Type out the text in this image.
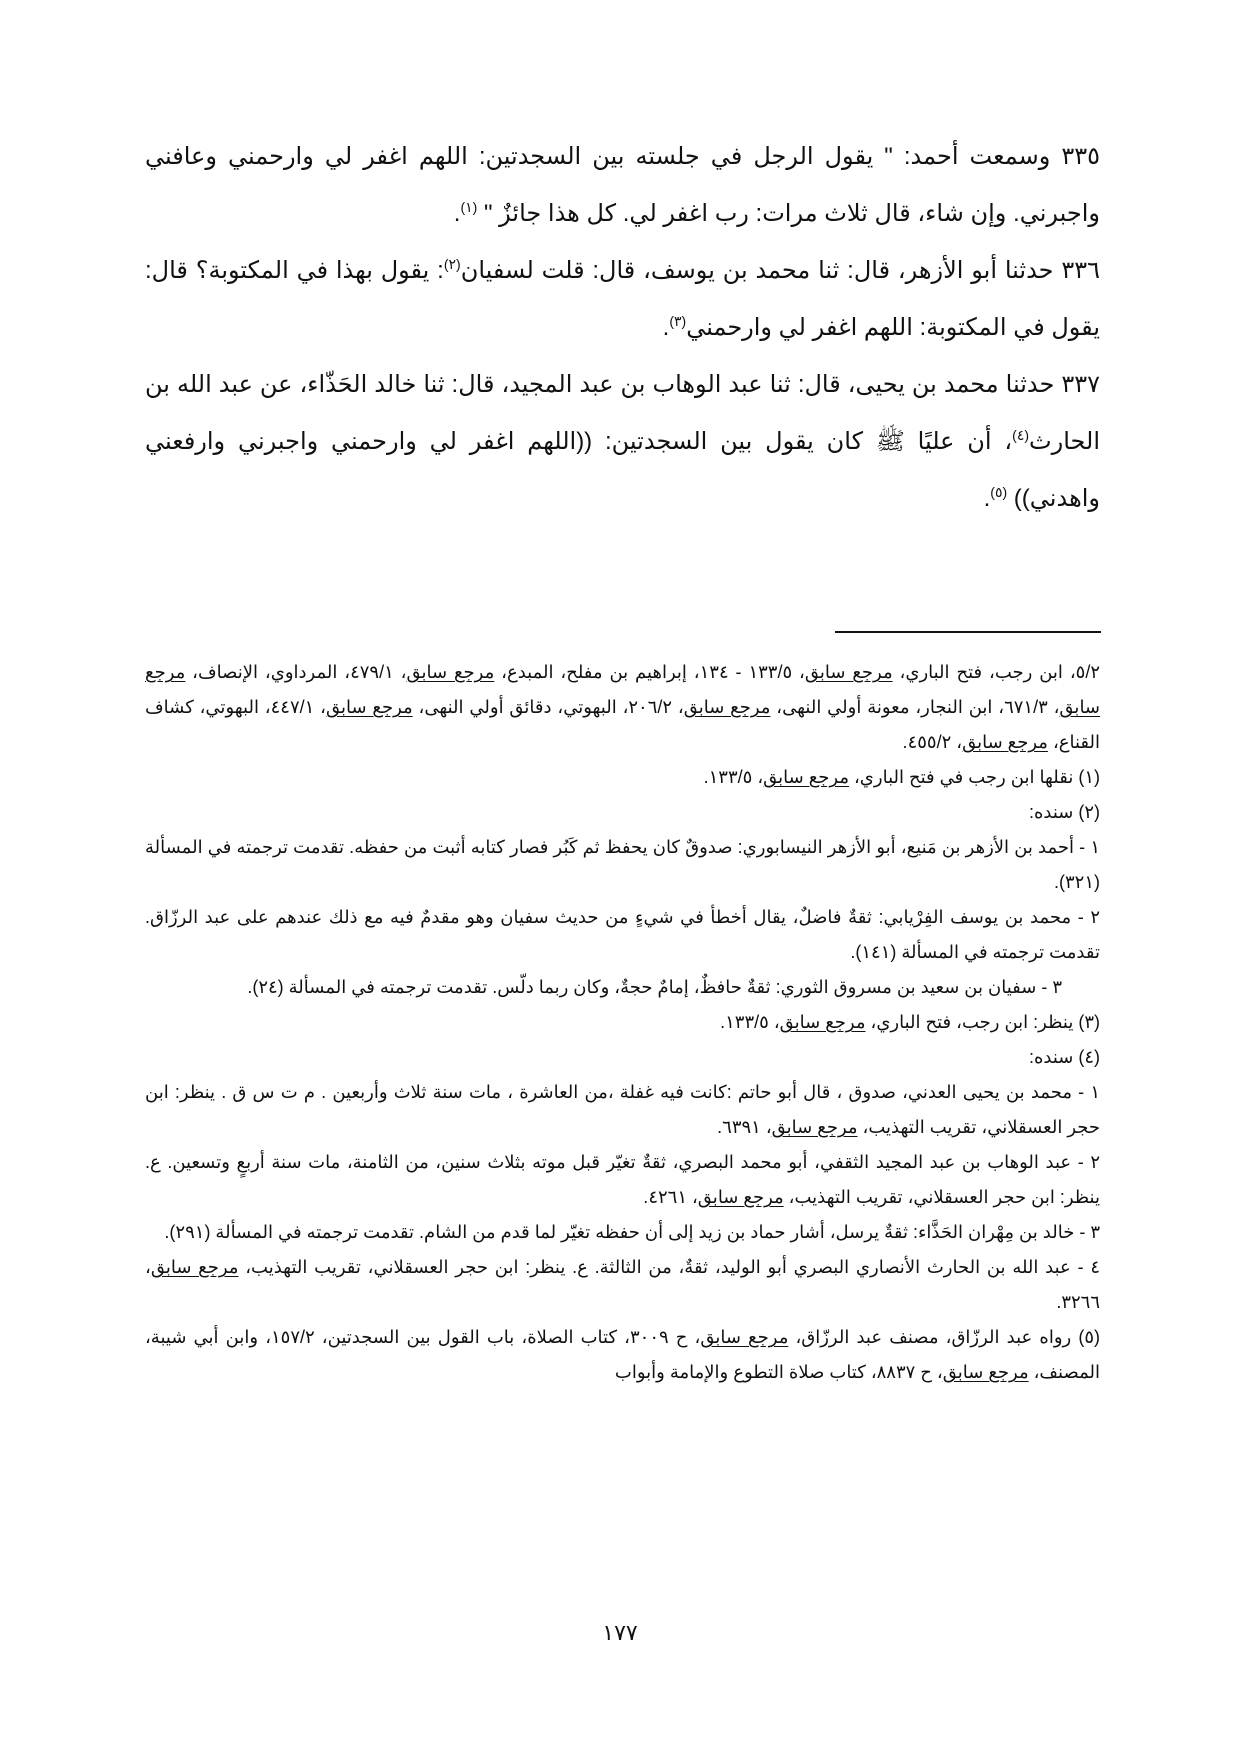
٣٣٥ وسمعت أحمد: " يقول الرجل في جلسته بين السجدتين: اللهم اغفر لي وارحمني وعافني واجبرني. وإن شاء، قال ثلاث مرات: رب اغفر لي. كل هذا جائزٌ " $^{(١)}$.

٣٣٦ حدثنا أبو الأزهر، قال: ثنا محمد بن يوسف، قال: قلت لسفيان$^{(٢)}$: يقول بهذا في المكتوبة؟ قال: يقول في المكتوبة: اللهم اغفر لي وارحمني$^{(٣)}$.

٣٣٧ حدثنا محمد بن يحيى، قال: ثنا عبد الوهاب بن عبد المجيد، قال: ثنا خالد الحَذّاء، عن عبد الله بن الحارث$^{(٤)}$، أن عليًا ﷺ كان يقول بين السجدتين: ((اللهم اغفر لي وارحمني واجبرني وارفعني واهدني)) $^{(٥)}$.

٥/٢، ابن رجب، فتح الباري، مرجع سابق، ١٣٣/٥ - ١٣٤، إبراهيم بن مفلح، المبدع، مرجع سابق، ٤٧٩/١، المرداوي، الإنصاف، مرجع سابق، ٦٧١/٣، ابن النجار، معونة أولي النهى، مرجع سابق، ٢٠٦/٢، البهوتي، دقائق أولي النهى، مرجع سابق، ٤٤٧/١، البهوتي، كشاف القناع، مرجع سابق، ٤٥٥/٢.

(١) نقلها ابن رجب في فتح الباري، مرجع سابق، ١٣٣/٥.

(٢) سنده:

١ - أحمد بن الأزهر بن مَنيع، أبو الأزهر النيسابوري: صدوقٌ كان يحفظ ثم كَبُر فصار كتابه أثبت من حفظه. تقدمت ترجمته في المسألة (٣٢١).

٢ - محمد بن يوسف الفِرْيابي: ثقةٌ فاضلٌ، يقال أخطأ في شيءٍ من حديث سفيان وهو مقدمٌ فيه مع ذلك عندهم على عبد الرزّاق. تقدمت ترجمته في المسألة (١٤١).

٣ - سفيان بن سعيد بن مسروق الثوري: ثقةٌ حافظٌ، إمامٌ حجةٌ، وكان ربما دلّس. تقدمت ترجمته في المسألة (٢٤).

(٣) ينظر: ابن رجب، فتح الباري، مرجع سابق، ١٣٣/٥.

(٤) سنده:

١ - محمد بن يحيى العدني، صدوق ، قال أبو حاتم :كانت فيه غفلة ،من العاشرة ، مات سنة ثلاث وأربعين . م ت س ق . ينظر: ابن حجر العسقلاني، تقريب التهذيب، مرجع سابق، ٦٣٩١.

٢ - عبد الوهاب بن عبد المجيد الثقفي، أبو محمد البصري، ثقةٌ تغيّر قبل موته بثلاث سنين، من الثامنة، مات سنة أربعٍ وتسعين. ع. ينظر: ابن حجر العسقلاني، تقريب التهذيب، مرجع سابق، ٤٢٦١.

٣ - خالد بن مِهْران الحَذَّاء: ثقةٌ يرسل، أشار حماد بن زيد إلى أن حفظه تغيّر لما قدم من الشام. تقدمت ترجمته في المسألة (٢٩١).

٤ - عبد الله بن الحارث الأنصاري البصري أبو الوليد، ثقةٌ، من الثالثة. ع. ينظر: ابن حجر العسقلاني، تقريب التهذيب، مرجع سابق، ٣٢٦٦.

(٥) رواه عبد الرزّاق، مصنف عبد الرزّاق، مرجع سابق، ح ٣٠٠٩، كتاب الصلاة، باب القول بين السجدتين، ١٥٧/٢، وابن أبي شيبة، المصنف، مرجع سابق، ح ٨٨٣٧، كتاب صلاة التطوع والإمامة وأبواب

١٧٧
